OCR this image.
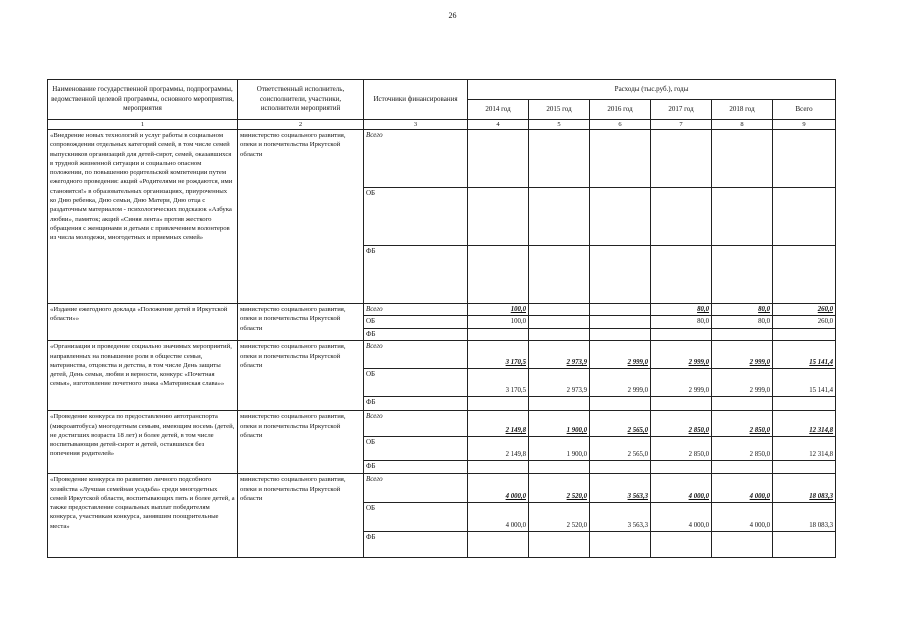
26
Наименование государственной программы, подпрограммы, ведомственной целевой программы, основного мероприятия, мероприятия	Ответственный исполнитель, соисполнители, участники, исполнители мероприятий	Источники финансирования	Расходы (тыс.руб.), годы					
			2014 год	2015 год	2016 год	2017 год	2018 год	Всего
1	2	3	4	5	6	7	8	9
«Внедрение новых технологий и услуг работы в социальном сопровождении отдельных категорий семей, в том числе семей выпускников организаций для детей-сирот, семей, оказавшихся в трудной жизненной ситуации и социально опасном положении, по повышению родительской компетенции путем ежегодного проведения: акций «Родителями не рождаются, ими становятся!» в образовательных организациях, приуроченных ко Дню ребенка, Дню семьи, Дню Матери, Дню отца с раздаточным материалом - психологических подсказок «Азбука любви», памяток; акций «Синяя лента» против жесткого обращения с женщинами и детьми с привлечением волонтеров из числа молодежи, многодетных и приемных семей»	министерство социального развития, опеки и попечительства Иркутской области	Всего						
		ОБ						
		ФБ						
«Издание ежегодного доклада «Положение детей в Иркутской области»»	министерство социального развития, опеки и попечительства Иркутской области	Всего	100,0			80,0	80,0	260,0
		ОБ	100,0			80,0	80,0	260,0
		ФБ						
«Организация и проведение социально значимых мероприятий, направленных на повышение роли в обществе семьи, материнства, отцовства и детства, в том числе День защиты детей, День семьи, любви и верности, конкурс «Почетная семья», изготовление почетного знака «Материнская слава»»	министерство социального развития, опеки и попечительства Иркутской области	Всего	3 170,5	2 973,9	2 999,0	2 999,0	2 999,0	15 141,4
		ОБ	3 170,5	2 973,9	2 999,0	2 999,0	2 999,0	15 141,4
		ФБ						
«Проведение конкурса по предоставлению автотранспорта (микроавтобуса) многодетным семьям, имеющим восемь (детей, не достигших возраста 18 лет) и более детей, в том числе воспитывающим детей-сирот и детей, оставшихся без попечения родителей»	министерство социального развития, опеки и попечительства Иркутской области	Всего	2 149,8	1 900,0	2 565,0	2 850,0	2 850,0	12 314,8
		ОБ	2 149,8	1 900,0	2 565,0	2 850,0	2 850,0	12 314,8
		ФБ						
«Проведение конкурса по развитию личного подсобного хозяйства «Лучшая семейная усадьба» среди многодетных семей Иркутской области, воспитывающих пять и более детей, а также предоставление социальных выплат победителям конкурса, участникам конкурса, занявшим поощрительные места»	министерство социального развития, опеки и попечительства Иркутской области	Всего	4 000,0	2 520,0	3 563,3	4 000,0	4 000,0	18 083,3
		ОБ	4 000,0	2 520,0	3 563,3	4 000,0	4 000,0	18 083,3
		ФБ						
